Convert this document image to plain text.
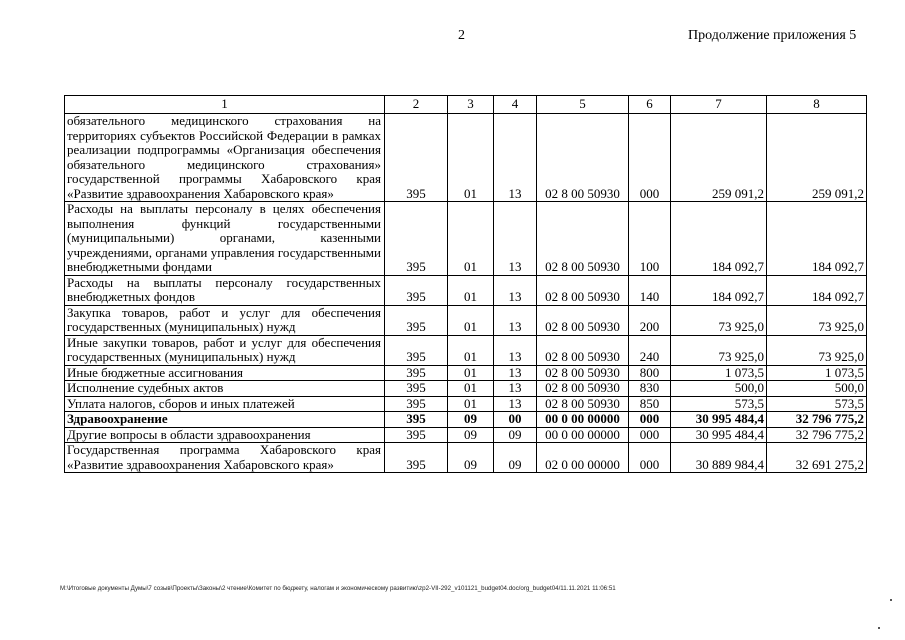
2	Продолжение приложения 5
1	2	3	4	5	6	7	8
обязательного медицинского страхования на территориях субъектов Российской Федерации в рамках реализации подпрограммы «Организация обеспечения обязательного медицинского страхования» государственной программы Хабаровского края «Развитие здравоохранения Хабаровского края»	395	01	13	02 8 00 50930	000	259 091,2	259 091,2
Расходы на выплаты персоналу в целях обеспечения выполнения функций государственными (муниципальными) органами, казенными учреждениями, органами управления государственными внебюджетными фондами	395	01	13	02 8 00 50930	100	184 092,7	184 092,7
Расходы на выплаты персоналу государственных внебюджетных фондов	395	01	13	02 8 00 50930	140	184 092,7	184 092,7
Закупка товаров, работ и услуг для обеспечения государственных (муниципальных) нужд	395	01	13	02 8 00 50930	200	73 925,0	73 925,0
Иные закупки товаров, работ и услуг для обеспечения государственных (муниципальных) нужд	395	01	13	02 8 00 50930	240	73 925,0	73 925,0
Иные бюджетные ассигнования	395	01	13	02 8 00 50930	800	1 073,5	1 073,5
Исполнение судебных актов	395	01	13	02 8 00 50930	830	500,0	500,0
Уплата налогов, сборов и иных платежей	395	01	13	02 8 00 50930	850	573,5	573,5
Здравоохранение	395	09	00	00 0 00 00000	000	30 995 484,4	32 796 775,2
Другие вопросы в области здравоохранения	395	09	09	00 0 00 00000	000	30 995 484,4	32 796 775,2
Государственная программа Хабаровского края «Развитие здравоохранения Хабаровского края»	395	09	09	02 0 00 00000	000	30 889 984,4	32 691 275,2
M:\Итоговые документы Думы\7 созыв\Проекты\Законы\2 чтение\Комитет по бюджету, налогам и экономическому развитию\zp2-VII-292_v101121_budget04.doc/org_budget04/11.11.2021 11:06:51
